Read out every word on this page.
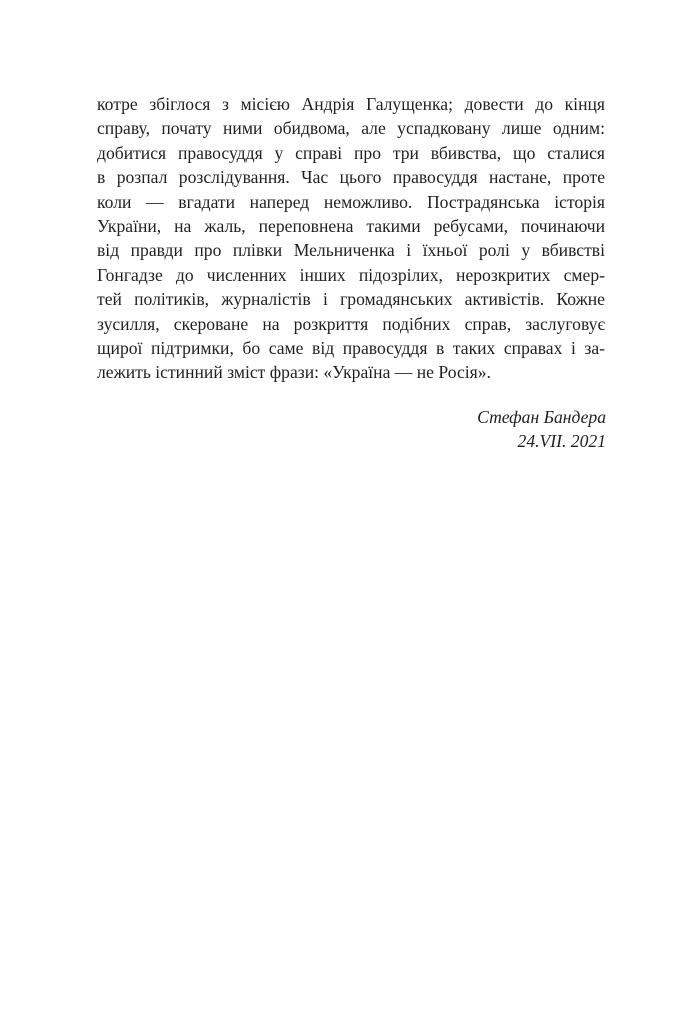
котре збіглося з місією Андрія Галущенка; довести до кінця
справу, почату ними обидвома, але успадковану лише одним:
добитися правосуддя у справі про три вбивства, що сталися
в розпал розслідування. Час цього правосуддя настане, проте
коли — вгадати наперед неможливо. Пострадянська історія
України, на жаль, переповнена такими ребусами, починаючи
від правди про плівки Мельниченка і їхньої ролі у вбивстві
Гонгадзе до численних інших підозрілих, нерозкритих смер-
тей політиків, журналістів і громадянських активістів. Кожне
зусилля, скероване на розкриття подібних справ, заслуговує
щирої підтримки, бо саме від правосуддя в таких справах і за-
лежить істинний зміст фрази: «Україна — не Росія».
Стефан Бандера
24.VII. 2021
